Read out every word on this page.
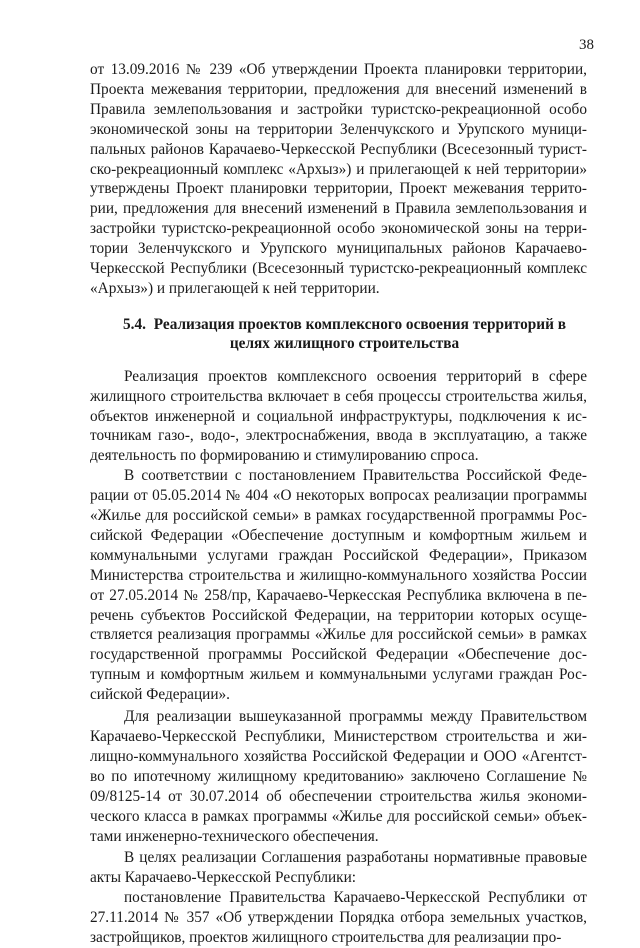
38

от 13.09.2016 № 239 «Об утверждении Проекта планировки территории, Проекта межевания территории, предложения для внесений изменений в Правила землепользования и застройки туристско-рекреационной особо экономической зоны на территории Зеленчукского и Урупского муниципальных районов Карачаево-Черкесской Республики (Всесезонный туристско-рекреационный комплекс «Архыз») и прилегающей к ней территории» утверждены Проект планировки территории, Проект межевания территории, предложения для внесений изменений в Правила землепользования и застройки туристско-рекреационной особо экономической зоны на территории Зеленчукского и Урупского муниципальных районов Карачаево-Черкесской Республики (Всесезонный туристско-рекреационный комплекс «Архыз») и прилегающей к ней территории.

5.4. Реализация проектов комплексного освоения территорий в целях жилищного строительства

Реализация проектов комплексного освоения территорий в сфере жилищного строительства включает в себя процессы строительства жилья, объектов инженерной и социальной инфраструктуры, подключения к источникам газо-, водо-, электроснабжения, ввода в эксплуатацию, а также деятельность по формированию и стимулированию спроса.

В соответствии с постановлением Правительства Российской Федерации от 05.05.2014 № 404 «О некоторых вопросах реализации программы «Жилье для российской семьи» в рамках государственной программы Российской Федерации «Обеспечение доступным и комфортным жильем и коммунальными услугами граждан Российской Федерации», Приказом Министерства строительства и жилищно-коммунального хозяйства России от 27.05.2014 № 258/пр, Карачаево-Черкесская Республика включена в перечень субъектов Российской Федерации, на территории которых осуществляется реализация программы «Жилье для российской семьи» в рамках государственной программы Российской Федерации «Обеспечение доступным и комфортным жильем и коммунальными услугами граждан Российской Федерации».

Для реализации вышеуказанной программы между Правительством Карачаево-Черкесской Республики, Министерством строительства и жилищно-коммунального хозяйства Российской Федерации и ООО «Агентство по ипотечному жилищному кредитованию» заключено Соглашение № 09/8125-14 от 30.07.2014 об обеспечении строительства жилья экономического класса в рамках программы «Жилье для российской семьи» объектами инженерно-технического обеспечения.

В целях реализации Соглашения разработаны нормативные правовые акты Карачаево-Черкесской Республики:

постановление Правительства Карачаево-Черкесской Республики от 27.11.2014 № 357 «Об утверждении Порядка отбора земельных участков, застройщиков, проектов жилищного строительства для реализации про-
